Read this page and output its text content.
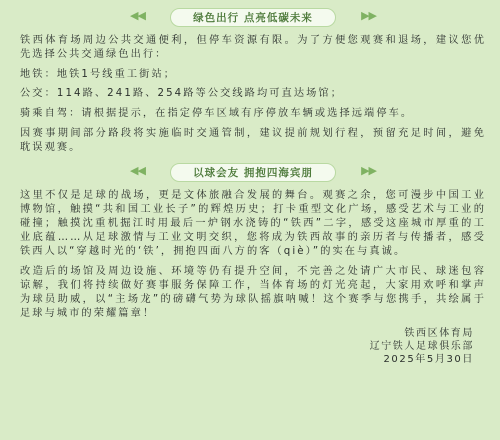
◀◀	绿色出行 点亮低碳未来	▶▶

铁西体育场周边公共交通便利，但停车资源有限。为了方便您观赛和退场，建议您优先选择公共交通绿色出行：

地铁：地铁1号线重工街站；

公交：114路、241路、254路等公交线路均可直达场馆；

骑乘自驾：请根据提示，在指定停车区域有序停放车辆或选择远端停车。

因赛事期间部分路段将实施临时交通管制，建议提前规划行程，预留充足时间，避免耽误观赛。

◀◀	以球会友 拥抱四海宾朋	▶▶

这里不仅是足球的战场，更是文体旅融合发展的舞台。观赛之余，您可漫步中国工业博物馆，触摸“共和国工业长子”的辉煌历史；打卡重型文化广场，感受艺术与工业的碰撞；触摸沈重机掘江时用最后一炉钢水浇铸的“铁西”二字，感受这座城市厚重的工业底蕴……从足球激情与工业文明交织，您将成为铁西故事的亲历者与传播者，感受铁西人以“穿越时光的‘铁’，拥抱四面八方的客（qiè）”的实在与真诚。

改造后的场馆及周边设施、环境等仍有提升空间，不完善之处请广大市民、球迷包容谅解，我们将持续做好赛事服务保障工作，当体育场的灯光亮起，大家用欢呼和掌声为球员助威，以“主场龙”的磅礴气势为球队摇旗呐喊！这个赛季与您携手，共绘属于足球与城市的荣耀篇章！

铁西区体育局
辽宁铁人足球俱乐部
2025年5月30日
